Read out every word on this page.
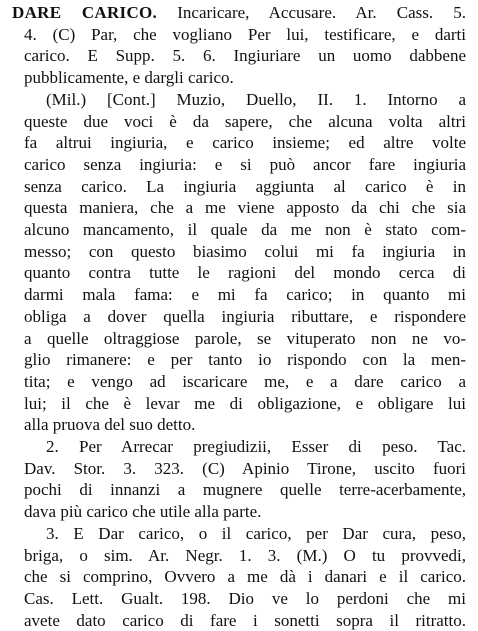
DARE CARICO. Incaricare, Accusare. Ar. Cass. 5.
4. (C) Par, che vogliano Per lui, testificare, e darti
carico. E Supp. 5. 6. Ingiuriare un uomo dabbene
pubblicamente, e dargli carico.
(Mil.) [Cont.] Muzio, Duello, II. 1. Intorno a
queste due voci è da sapere, che alcuna volta altri
fa altrui ingiuria, e carico insieme; ed altre volte
carico senza ingiuria: e si può ancor fare ingiuria
senza carico. La ingiuria aggiunta al carico è in
questa maniera, che a me viene apposto da chi che sia
alcuno mancamento, il quale da me non è stato com-
messo; con questo biasimo colui mi fa ingiuria in
quanto contra tutte le ragioni del mondo cerca di
darmi mala fama: e mi fa carico; in quanto mi
obliga a dover quella ingiuria ributtare, e rispondere
a quelle oltraggiose parole, se vituperato non ne vo-
glio rimanere: e per tanto io rispondo con la men-
tita; e vengo ad iscaricare me, e a dare carico a
lui; il che è levar me di obligazione, e obligare lui
alla pruova del suo detto.
2. Per Arrecar pregiudizii, Esser di peso. Tac.
Dav. Stor. 3. 323. (C) Apinio Tirone, uscito fuori
pochi di innanzi a mugnere quelle terre-acerbamente,
dava più carico che utile alla parte.
3. E Dar carico, o il carico, per Dar cura, peso,
briga, o sim. Ar. Negr. 1. 3. (M.) O tu provvedi,
che si comprino, Ovvero a me dà i danari e il carico.
Cas. Lett. Gualt. 198. Dio ve lo perdoni che mi
avete dato carico di fare i sonetti sopra il ritratto.
